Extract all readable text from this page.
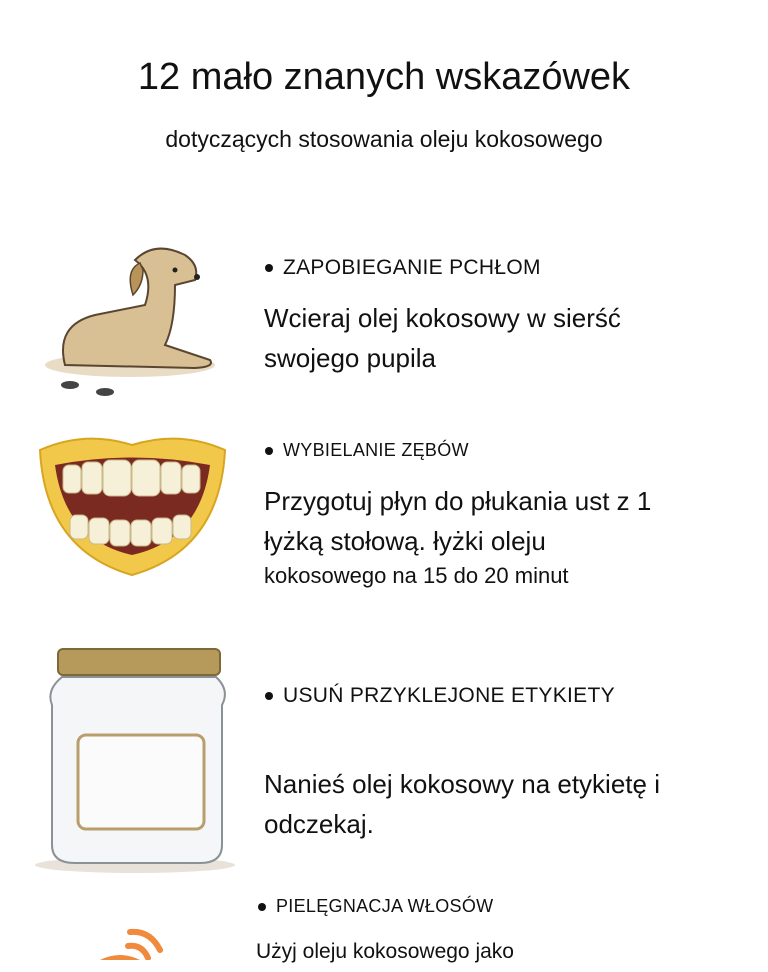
12 mało znanych wskazówek
dotyczących stosowania oleju kokosowego
ZAPOBIEGANIE PCHŁOM
Wcieraj olej kokosowy w sierść
swojego pupila
WYBIELANIE ZĘBÓW
Przygotuj płyn do płukania ust z 1
łyżką stołową. łyżki oleju
kokosowego na 15 do 20 minut
USUŃ PRZYKLEJONE ETYKIETY
Nanieś olej kokosowy na etykietę i
odczekaj.
PIELĘGNACJA WŁOSÓW
Użyj oleju kokosowego jako
